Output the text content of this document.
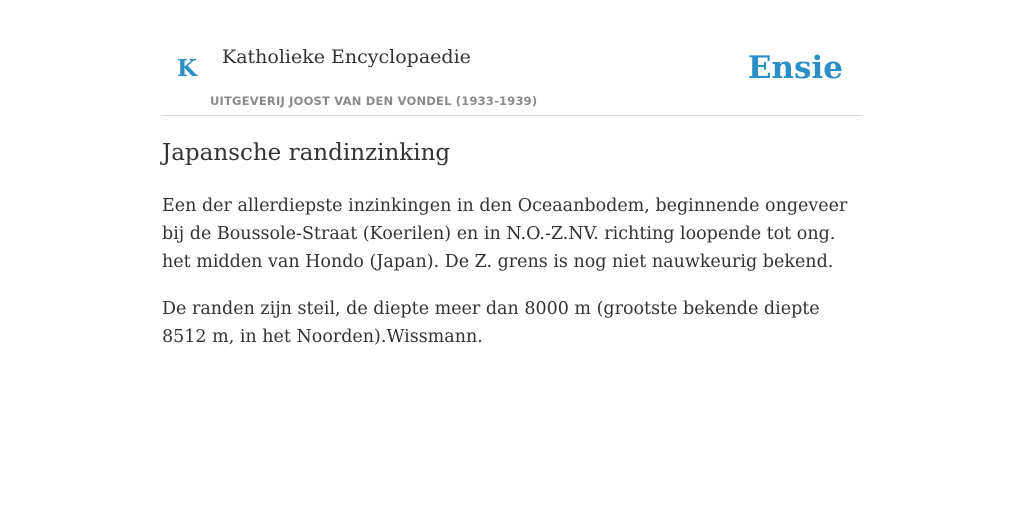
K Katholieke Encyclopaedie
UITGEVERIJ JOOST VAN DEN VONDEL (1933-1939)
Ensie
Japansche randinzinking

Een der allerdiepste inzinkingen in den Oceaanbodem, beginnende ongeveer bij de Boussole-Straat (Koerilen) en in N.O.-Z.NV. richting loopende tot ong. het midden van Hondo (Japan). De Z. grens is nog niet nauwkeurig bekend.

De randen zijn steil, de diepte meer dan 8000 m (grootste bekende diepte 8512 m, in het Noorden).Wissmann.
